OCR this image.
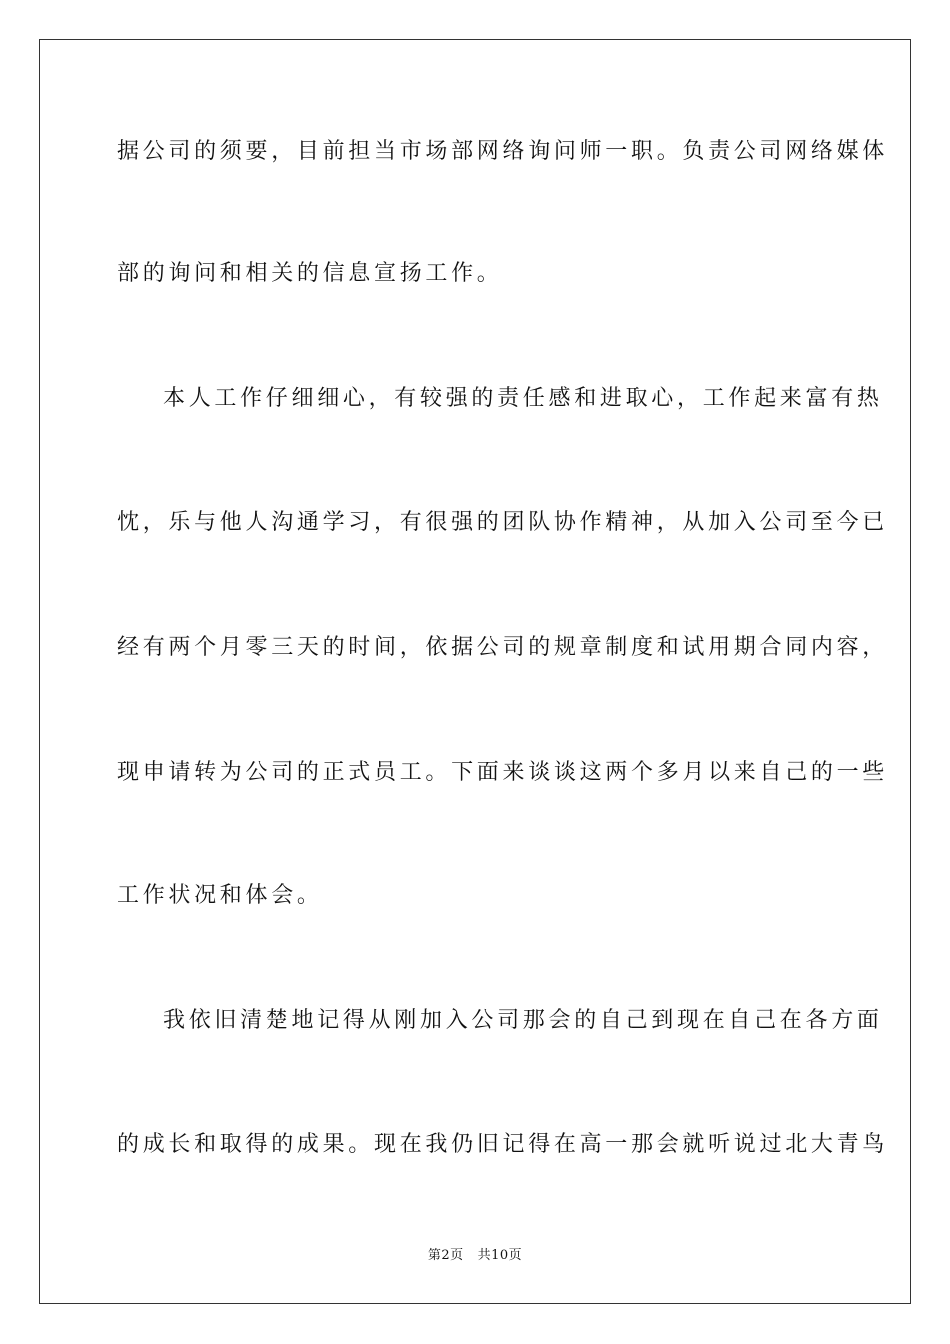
据公司的须要，目前担当市场部网络询问师一职。负责公司网络媒体
部的询问和相关的信息宣扬工作。
本人工作仔细细心，有较强的责任感和进取心，工作起来富有热
忱，乐与他人沟通学习，有很强的团队协作精神，从加入公司至今已
经有两个月零三天的时间，依据公司的规章制度和试用期合同内容，
现申请转为公司的正式员工。下面来谈谈这两个多月以来自己的一些
工作状况和体会。
我依旧清楚地记得从刚加入公司那会的自己到现在自己在各方面
的成长和取得的成果。现在我仍旧记得在高一那会就听说过北大青鸟
第2页 共10页
